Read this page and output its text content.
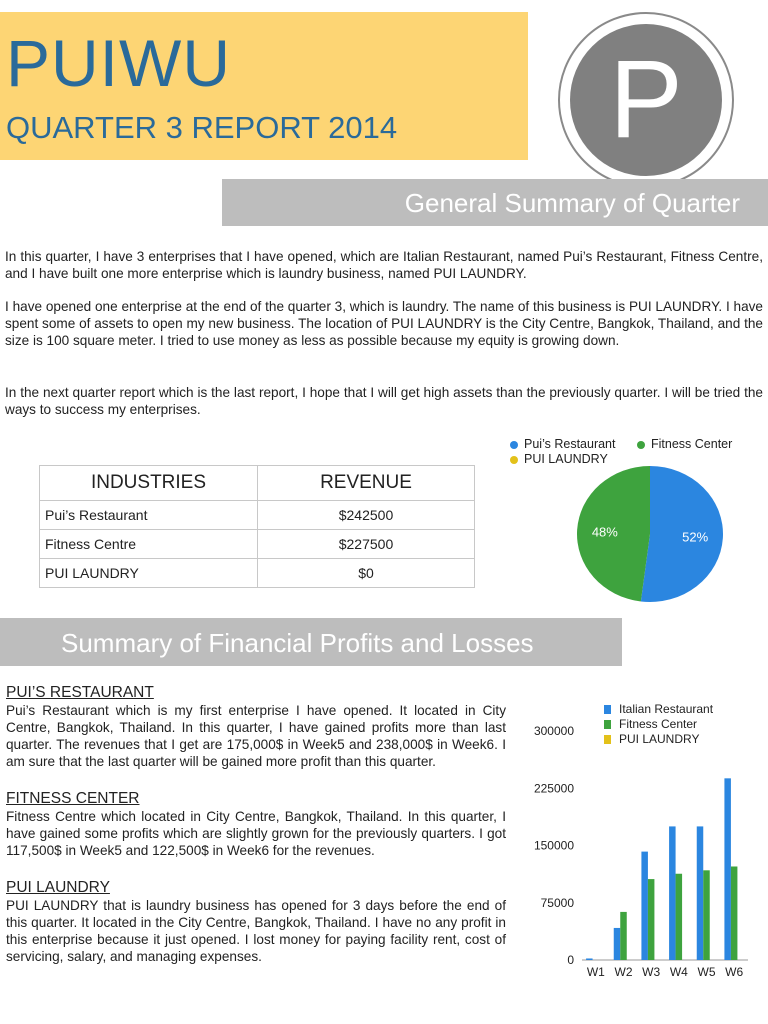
PUIWU
QUARTER 3 REPORT 2014	P
General Summary of Quarter
In this quarter, I have 3 enterprises that I have opened, which are Italian Restaurant, named Pui’s Restaurant, Fitness Centre, and I have built one more enterprise which is laundry business, named PUI LAUNDRY.
I have opened one enterprise at the end of the quarter 3, which is laundry. The name of this business is PUI LAUNDRY. I have spent some of assets to open my new business. The location of PUI LAUNDRY is the City Centre, Bangkok, Thailand, and the size is 100 square meter. I tried to use money as less as possible because my equity is growing down.
In the next quarter report which is the last report, I hope that I will get high assets than the previously quarter. I will be tried the ways to success my enterprises.
INDUSTRIES	REVENUE
Pui’s Restaurant	$242500
Fitness Centre	$227500
PUI LAUNDRY	$0
Pui’s Restaurant	Fitness Center
PUI LAUNDRY
52%
48%
Summary of Financial Profits and Losses
PUI’S RESTAURANT
Pui’s Restaurant which is my first enterprise I have opened. It located in City Centre, Bangkok, Thailand. In this quarter, I have gained profits more than last quarter. The revenues that I get are 175,000$ in Week5 and 238,000$ in Week6. I am sure that the last quarter will be gained more profit than this quarter.
FITNESS CENTER
Fitness Centre which located in City Centre, Bangkok, Thailand. In this quarter, I have gained some profits which are slightly grown for the previously quarters. I got 117,500$ in Week5 and 122,500$ in Week6 for the revenues.
PUI LAUNDRY
PUI LAUNDRY that is laundry business has opened for 3 days before the end of this quarter. It located in the City Centre, Bangkok, Thailand. I have no any profit in this enterprise because it just opened. I lost money for paying facility rent, cost of servicing, salary, and managing expenses.
Italian Restaurant
Fitness Center
PUI LAUNDRY
0
75000
150000
225000
300000
W1 W2 W3 W4 W5 W6
